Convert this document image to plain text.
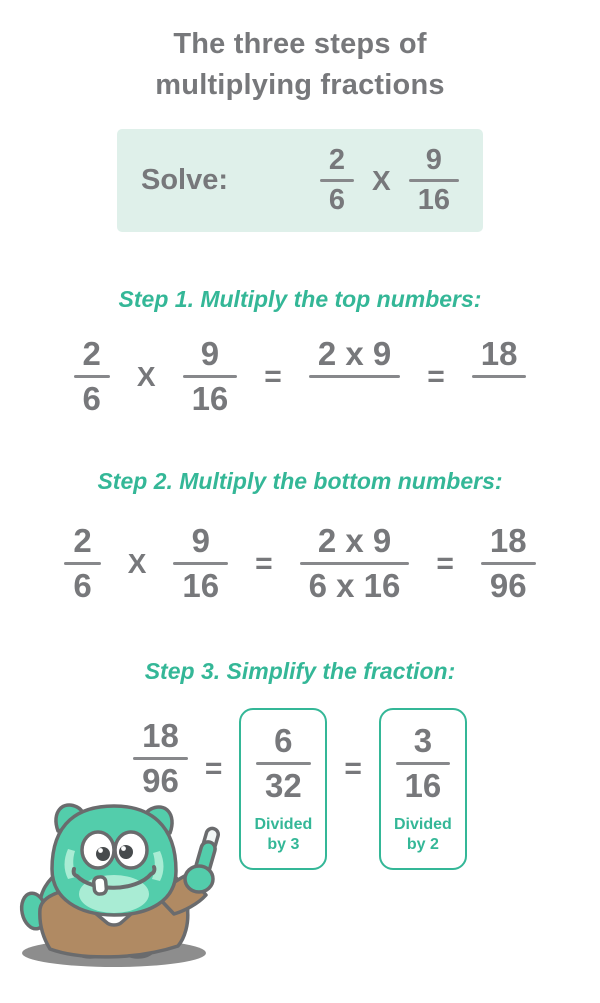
The three steps of
multiplying fractions
Solve:	$\frac{2}{6}$ X $\frac{9}{16}$
Step 1. Multiply the top numbers:
$\frac{2}{6}$ X $\frac{9}{16}$ =
2 x 9
=
18
Step 2. Multiply the bottom numbers:
$\frac{2}{6}$ X $\frac{9}{16} = \frac{2 x 9}{6 x 16} = \frac{18}{96}$
Step 3. Simplify the fraction:
$\frac{18}{96} = \frac{6}{32}$
Divided by 3
= $\frac{3}{16}$
Divided by 2
